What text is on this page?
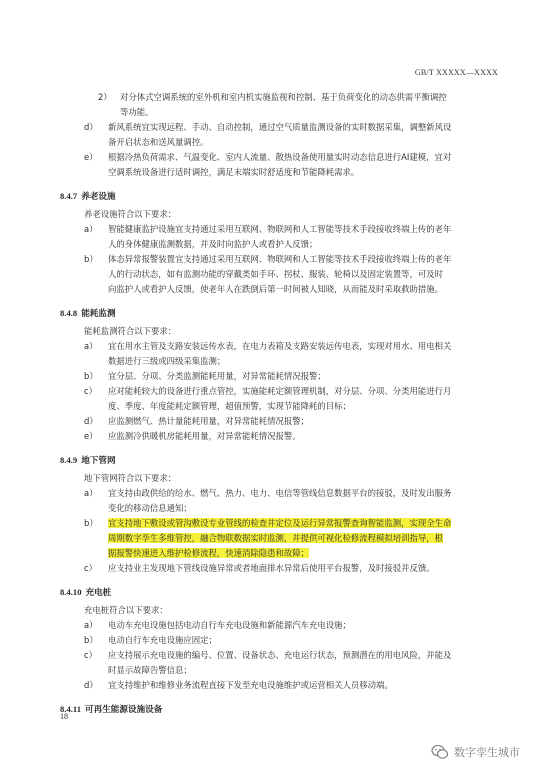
GB/T XXXXX—XXXX
2） 对分体式空调系统的室外机和室内机实施监视和控制、基于负荷变化的动态供需平衡调控
等功能。
d）	新风系统宜实现远程、手动、自动控制，通过空气质量监测设备的实时数据采集，调整新风设
备开启状态和送风量调控。
e）	根据冷热负荷需求、气温变化、室内人流量、散热设备使用量实时动态信息进行AI建模，宜对
空调系统设备进行适时调控，满足末端实时舒适度和节能降耗需求。
8.4.7 养老设施
养老设施符合以下要求：
a）	智能健康监护设施宜支持通过采用互联网、物联网和人工智能等技术手段接收终端上传的老年
人的身体健康监测数据，并及时向监护人或看护人反馈；
b）	体态异常报警装置宜支持通过采用互联网、物联网和人工智能等技术手段接收终端上传的老年
人的行动状态，如有监测功能的穿戴类如手环、拐杖、服装、轮椅以及固定装置等，可及时
向监护人或看护人反馈，使老年人在跌倒后第一时间被人知晓，从而能及时采取救助措施。
8.4.8 能耗监测
能耗监测符合以下要求：
a）	宜在用水主管及支路安装远传水表，在电力表箱及支路安装远传电表，实现对用水、用电相关
数据进行三级或四级采集监测；
b）	宜分层、分项、分类监测能耗用量，对异常能耗情况报警；
c）	应对能耗较大的设备进行重点管控，实施能耗定额管理机制，对分层、分项、分类用能进行月
度、季度、年度能耗定额管理，超值预警，实现节能降耗的目标；
d）	应监测燃气、热计量能耗用量，对异常能耗情况报警；
e）	应监测冷供暖机房能耗用量，对异常能耗情况报警。
8.4.9 地下管网
地下管网符合以下要求：
a）	宜支持由政供给的给水、燃气、热力、电力、电信等管线信息数据平台的接驳，及时发出服务
变化的移动信息通知；
b）	宜支持地下敷设或管沟敷设专业管线的检查井定位及运行异常报警查询智能监测，实现全生命
周期数字孪生多维管控，融合物联数据实时监测，并提供可视化检修流程模拟培训指导，根
据报警快速进入维护检修流程，快速消除隐患和故障；
c）	应支持业主发现地下管线设施异常或者地面排水异常后使用平台报警，及时接驳并反馈。
8.4.10 充电桩
充电桩符合以下要求：
a）	电动车充电设施包括电动自行车充电设施和新能源汽车充电设施；
b）	电动自行车充电设施应固定；
c）	应支持展示充电设施的编号、位置、设备状态、充电运行状态，预测潜在的用电风险，并能及
时显示故障告警信息；
d）	宜支持维护和维修业务流程直接下发至充电设施维护或运营相关人员移动端。
8.4.11 可再生能源设施设备
18
数字孪生城市
